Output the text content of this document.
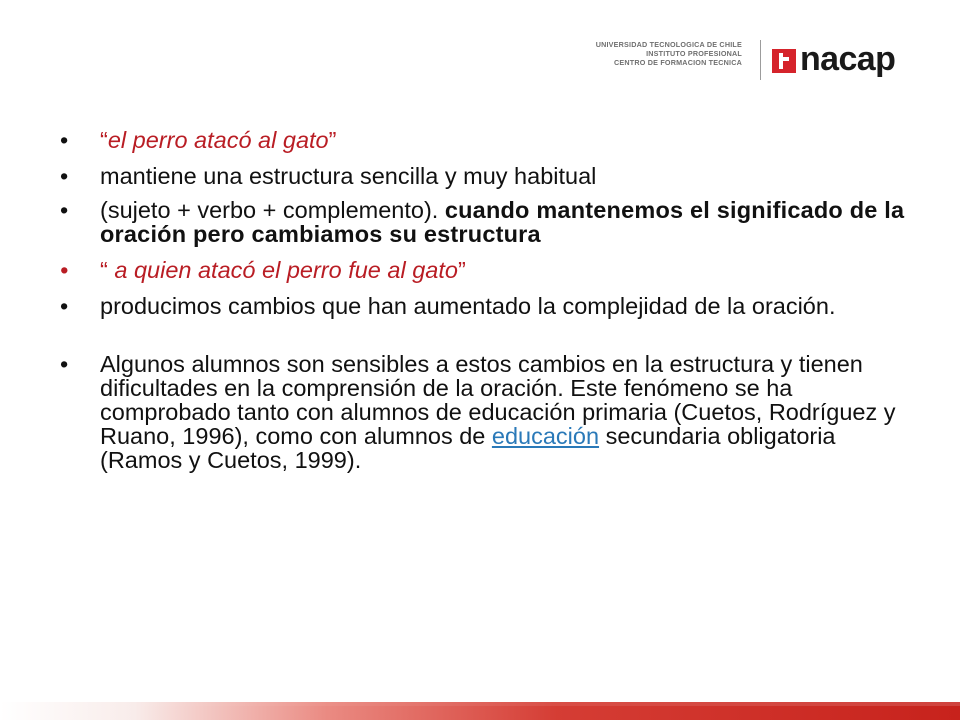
UNIVERSIDAD TECNOLOGICA DE CHILE
INSTITUTO PROFESIONAL
CENTRO DE FORMACION TECNICA nacap
•	“el perro atacó al gato”
•	mantiene una estructura sencilla y muy habitual
•	(sujeto + verbo + complemento). cuando mantenemos el significado de la oración pero cambiamos su estructura
•	“ a quien atacó el perro fue al gato”
•	producimos cambios que han aumentado la complejidad de la oración.
•	Algunos alumnos son sensibles a estos cambios en la estructura y tienen dificultades en la comprensión de la oración. Este fenómeno se ha comprobado tanto con alumnos de educación primaria (Cuetos, Rodríguez y Ruano, 1996), como con alumnos de educación secundaria obligatoria (Ramos y Cuetos, 1999).
